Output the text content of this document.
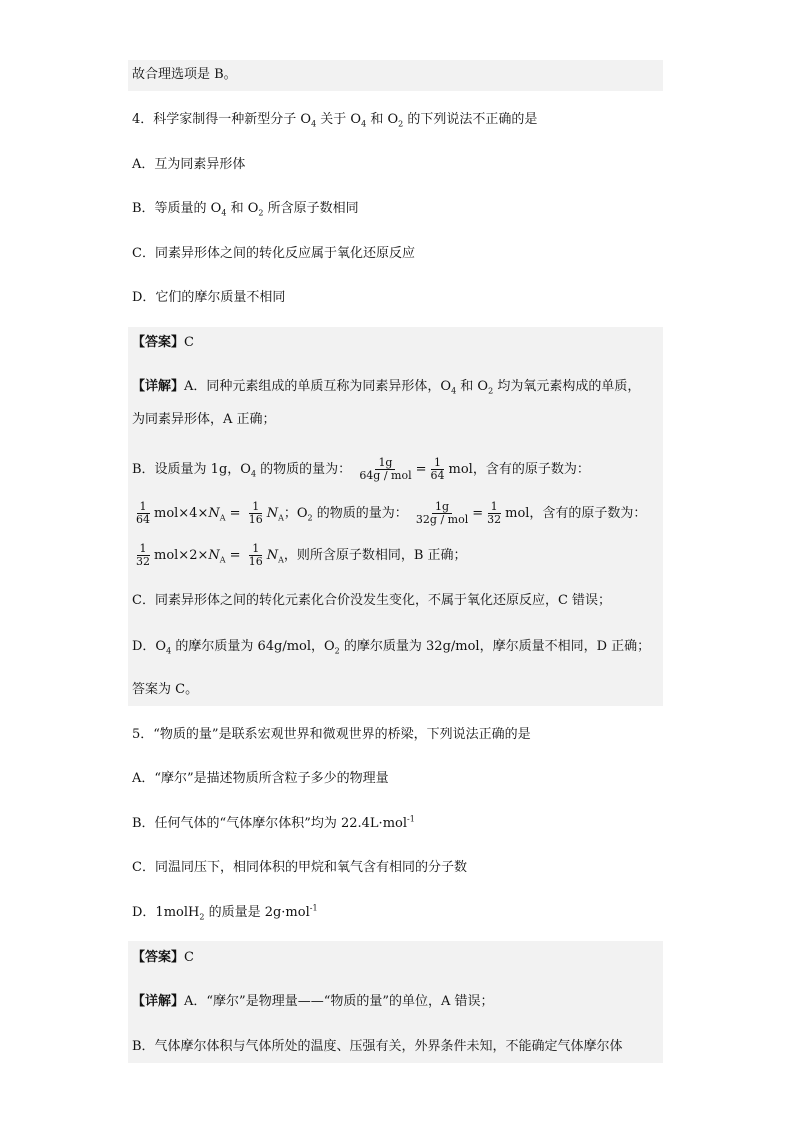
故合理选项是 B。
4．科学家制得一种新型分子 $O_4$ 关于 $O_4$ 和 $O_2$ 的下列说法不正确的是
A．互为同素异形体
B．等质量的 $O_4$ 和 $O_2$ 所含原子数相同
C．同素异形体之间的转化反应属于氧化还原反应
D．它们的摩尔质量不相同
【答案】C
【详解】A．同种元素组成的单质互称为同素异形体，$O_4$ 和 $O_2$ 均为氧元素构成的单质，
为同素异形体，A 正确；
B．设质量为 1g，$O_4$ 的物质的量为： $\frac{1g}{\text{64g / mol}} = \frac{1}{64}$ mol，含有的原子数为：
$\frac{1}{64} mol\times 4\times N_A = \frac{1}{16} N_A$；$O_2$ 的物质的量为： $\frac{1g}{\text{32g / mol}} = \frac{1}{32}$ mol，含有的原子数为：
$\frac{1}{32} mol\times 2\times N_A = \frac{1}{16} N_A$，则所含原子数相同，B 正确；
C．同素异形体之间的转化元素化合价没发生变化，不属于氧化还原反应，C 错误；
D．$O_4$ 的摩尔质量为 64g/mol，$O_2$ 的摩尔质量为 32g/mol，摩尔质量不相同，D 正确；
答案为 C。
5．“物质的量”是联系宏观世界和微观世界的桥梁，下列说法正确的是
A．“摩尔”是描述物质所含粒子多少的物理量
B．任何气体的“气体摩尔体积”均为 22.4L·mol$^{-1}$
C．同温同压下，相同体积的甲烷和氧气含有相同的分子数
D．1molH$_2$ 的质量是 2g·mol$^{-1}$
【答案】C
【详解】A．“摩尔”是物理量——“物质的量”的单位，A 错误；
B．气体摩尔体积与气体所处的温度、压强有关，外界条件未知，不能确定气体摩尔体
